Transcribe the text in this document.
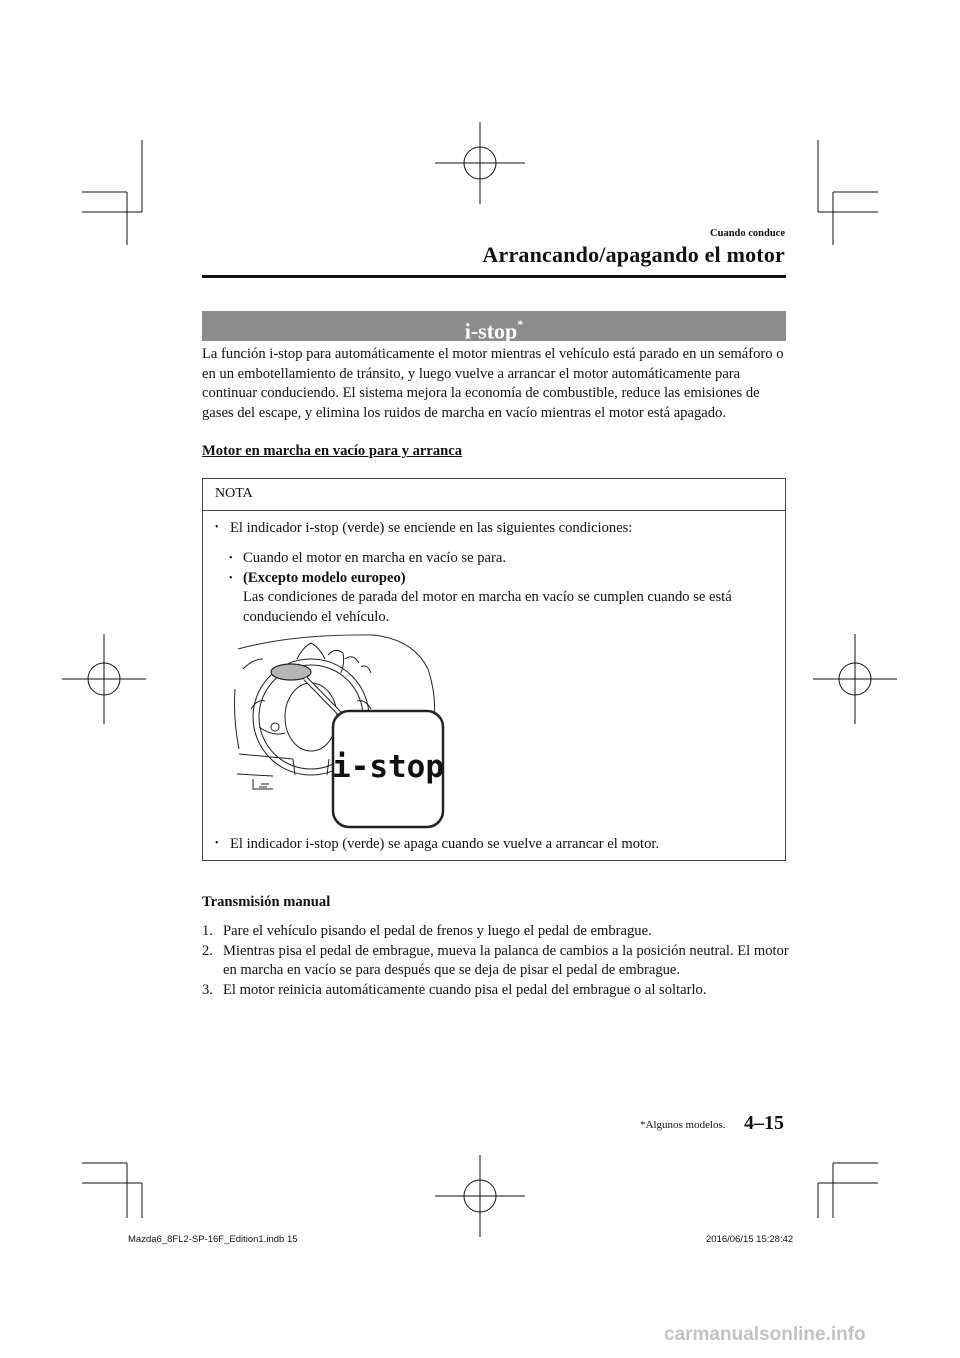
Cuando conduce
Arrancando/apagando el motor
i-stop*

La función i-stop para automáticamente el motor mientras el vehículo está parado en un semáforo o en un embotellamiento de tránsito, y luego vuelve a arrancar el motor automáticamente para continuar conduciendo. El sistema mejora la economía de combustible, reduce las emisiones de gases del escape, y elimina los ruidos de marcha en vacío mientras el motor está apagado.

Motor en marcha en vacío para y arranca
NOTA
• El indicador i-stop (verde) se enciende en las siguientes condiciones:
• Cuando el motor en marcha en vacío se para.
• (Excepto modelo europeo)
Las condiciones de parada del motor en marcha en vacío se cumplen cuando se está conduciendo el vehículo.
i-stop
• El indicador i-stop (verde) se apaga cuando se vuelve a arrancar el motor.
Transmisión manual
1. Pare el vehículo pisando el pedal de frenos y luego el pedal de embrague.
2. Mientras pisa el pedal de embrague, mueva la palanca de cambios a la posición neutral. El motor en marcha en vacío se para después que se deja de pisar el pedal de embrague.
3. El motor reinicia automáticamente cuando pisa el pedal del embrague o al soltarlo.
*Algunos modelos. 4–15
Mazda6_8FL2-SP-16F_Edition1.indb 15	2016/06/15 15:28:42
carmanualsonline.info
